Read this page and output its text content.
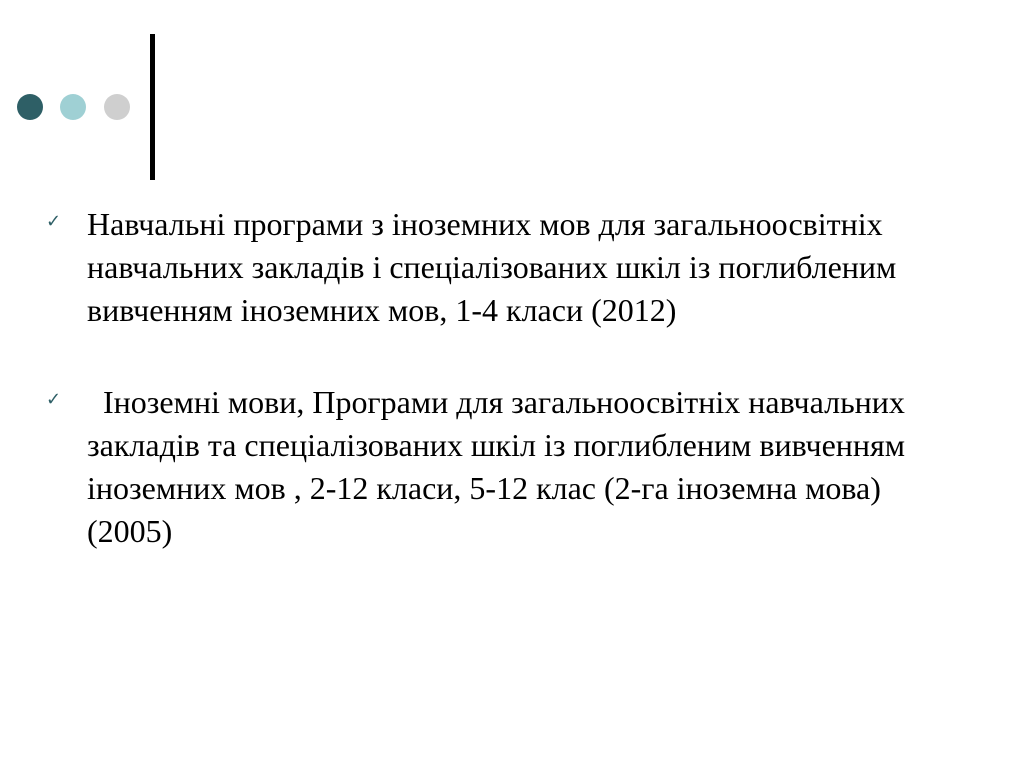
✓ Навчальні програми з іноземних мов для загальноосвітніх навчальних закладів і спеціалізованих шкіл із поглибленим вивченням іноземних мов, 1-4 класи (2012)

✓ Іноземні мови, Програми для загальноосвітніх навчальних закладів та спеціалізованих шкіл із поглибленим вивченням іноземних мов , 2-12 класи, 5-12 клас (2-га іноземна мова) (2005)
